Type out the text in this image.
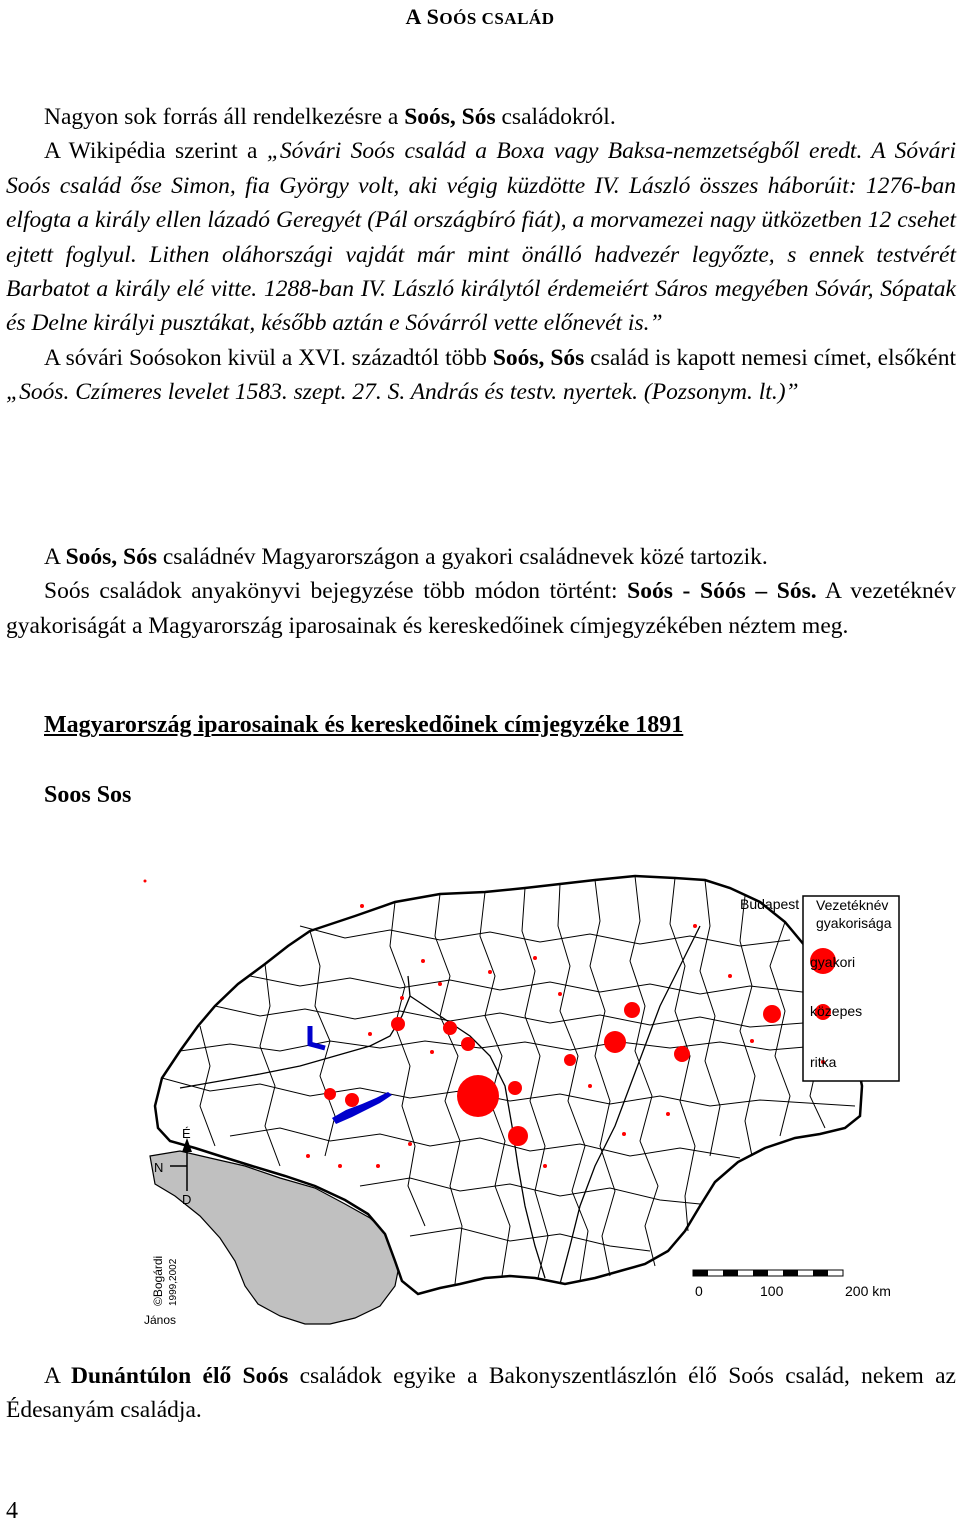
A SOÓS CSALÁD
Nagyon sok forrás áll rendelkezésre a Soós, Sós családokról.
A Wikipédia szerint a „Sóvári Soós család a Boxa vagy Baksa-nemzetségből eredt. A Sóvári Soós család őse Simon, fia György volt, aki végig küzdötte IV. László összes háborúit: 1276-ban elfogta a király ellen lázadó Geregyét (Pál országbíró fiát), a morvamezei nagy ütközetben 12 csehet ejtett foglyul. Lithen oláhországi vajdát már mint önálló hadvezér legyőzte, s ennek testvérét Barbatot a király elé vitte. 1288-ban IV. László királytól érdemeiért Sáros megyében Sóvár, Sópatak és Delne királyi pusztákat, később aztán e Sóvárról vette előnevét is.”
A sóvári Soósokon kivül a XVI. századtól több Soós, Sós család is kapott nemesi címet, elsőként „Soós. Czímeres levelet 1583. szept. 27. S. András és testv. nyertek. (Pozsonym. lt.)”
A Soós, Sós családnév Magyarországon a gyakori családnevek közé tartozik.
Soós családok anyakönyvi bejegyzése több módon történt: Soós - Sóós – Sós. A vezetéknév gyakoriságát a Magyarország iparosainak és kereskedőinek címjegyzékében néztem meg.
Magyarország iparosainak és kereskedõinek címjegyzéke 1891
Soos Sos
Vezetéknév
gyakorisága
gyakori
közepes
ritka
Budapest
É
N
D
0	100	200 km
©Bogárdi 1999,2002
János
A Dunántúlon élő Soós családok egyike a Bakonyszentlászlón élő Soós család, nekem az Édesanyám családja.
4
